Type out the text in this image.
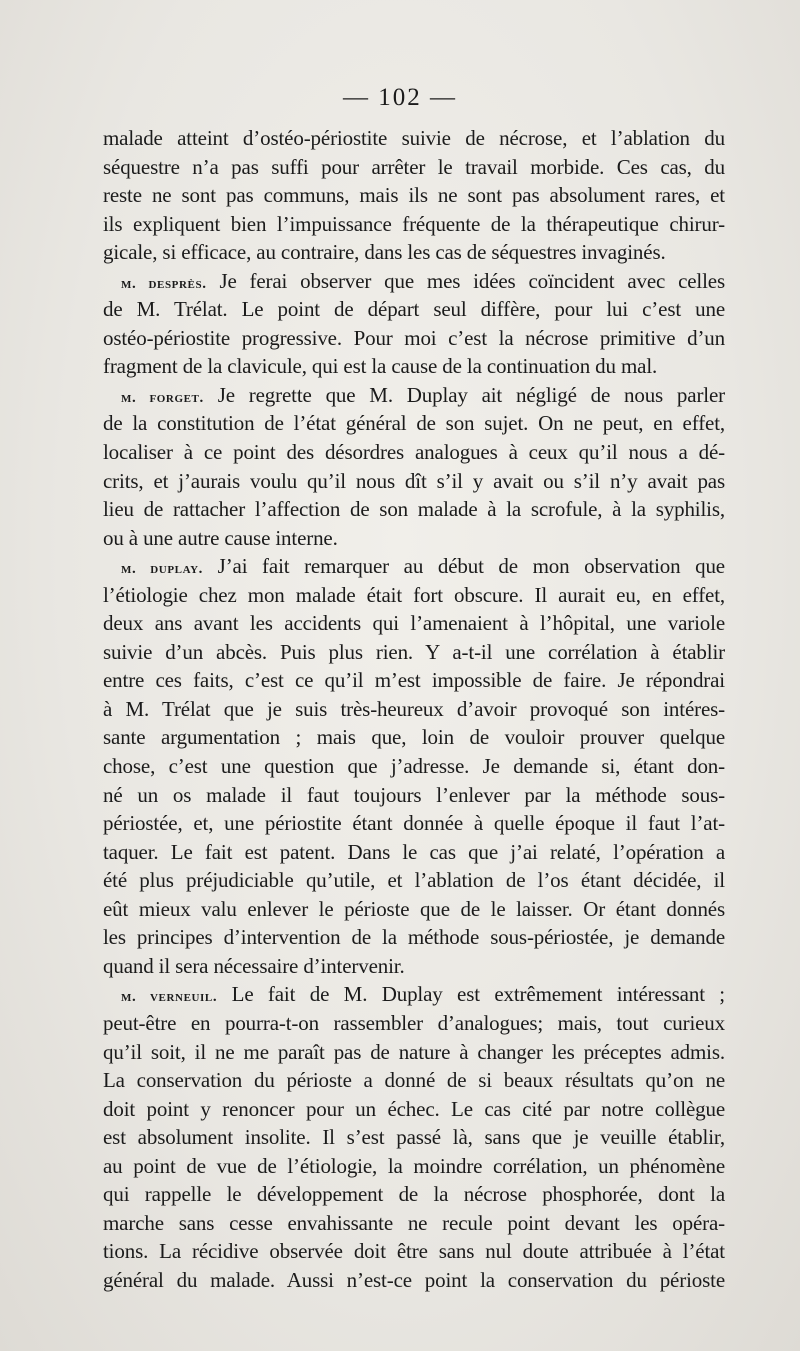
— 102 —
malade atteint d’ostéo-périostite suivie de nécrose, et l’ablation du
séquestre n’a pas suffi pour arrêter le travail morbide. Ces cas, du
reste ne sont pas communs, mais ils ne sont pas absolument rares, et
ils expliquent bien l’impuissance fréquente de la thérapeutique chirur-
gicale, si efficace, au contraire, dans les cas de séquestres invaginés.
m. desprès. Je ferai observer que mes idées coïncident avec celles
de M. Trélat. Le point de départ seul diffère, pour lui c’est une
ostéo-périostite progressive. Pour moi c’est la nécrose primitive d’un
fragment de la clavicule, qui est la cause de la continuation du mal.
m. forget. Je regrette que M. Duplay ait négligé de nous parler
de la constitution de l’état général de son sujet. On ne peut, en effet,
localiser à ce point des désordres analogues à ceux qu’il nous a dé-
crits, et j’aurais voulu qu’il nous dît s’il y avait ou s’il n’y avait pas
lieu de rattacher l’affection de son malade à la scrofule, à la syphilis,
ou à une autre cause interne.
m. duplay. J’ai fait remarquer au début de mon observation que
l’étiologie chez mon malade était fort obscure. Il aurait eu, en effet,
deux ans avant les accidents qui l’amenaient à l’hôpital, une variole
suivie d’un abcès. Puis plus rien. Y a-t-il une corrélation à établir
entre ces faits, c’est ce qu’il m’est impossible de faire. Je répondrai
à M. Trélat que je suis très-heureux d’avoir provoqué son intéres-
sante argumentation ; mais que, loin de vouloir prouver quelque
chose, c’est une question que j’adresse. Je demande si, étant don-
né un os malade il faut toujours l’enlever par la méthode sous-
périostée, et, une périostite étant donnée à quelle époque il faut l’at-
taquer. Le fait est patent. Dans le cas que j’ai relaté, l’opération a
été plus préjudiciable qu’utile, et l’ablation de l’os étant décidée, il
eût mieux valu enlever le périoste que de le laisser. Or étant donnés
les principes d’intervention de la méthode sous-périostée, je demande
quand il sera nécessaire d’intervenir.
m. verneuil. Le fait de M. Duplay est extrêmement intéressant ;
peut-être en pourra-t-on rassembler d’analogues; mais, tout curieux
qu’il soit, il ne me paraît pas de nature à changer les préceptes admis.
La conservation du périoste a donné de si beaux résultats qu’on ne
doit point y renoncer pour un échec. Le cas cité par notre collègue
est absolument insolite. Il s’est passé là, sans que je veuille établir,
au point de vue de l’étiologie, la moindre corrélation, un phénomène
qui rappelle le développement de la nécrose phosphorée, dont la
marche sans cesse envahissante ne recule point devant les opéra-
tions. La récidive observée doit être sans nul doute attribuée à l’état
général du malade. Aussi n’est-ce point la conservation du périoste
